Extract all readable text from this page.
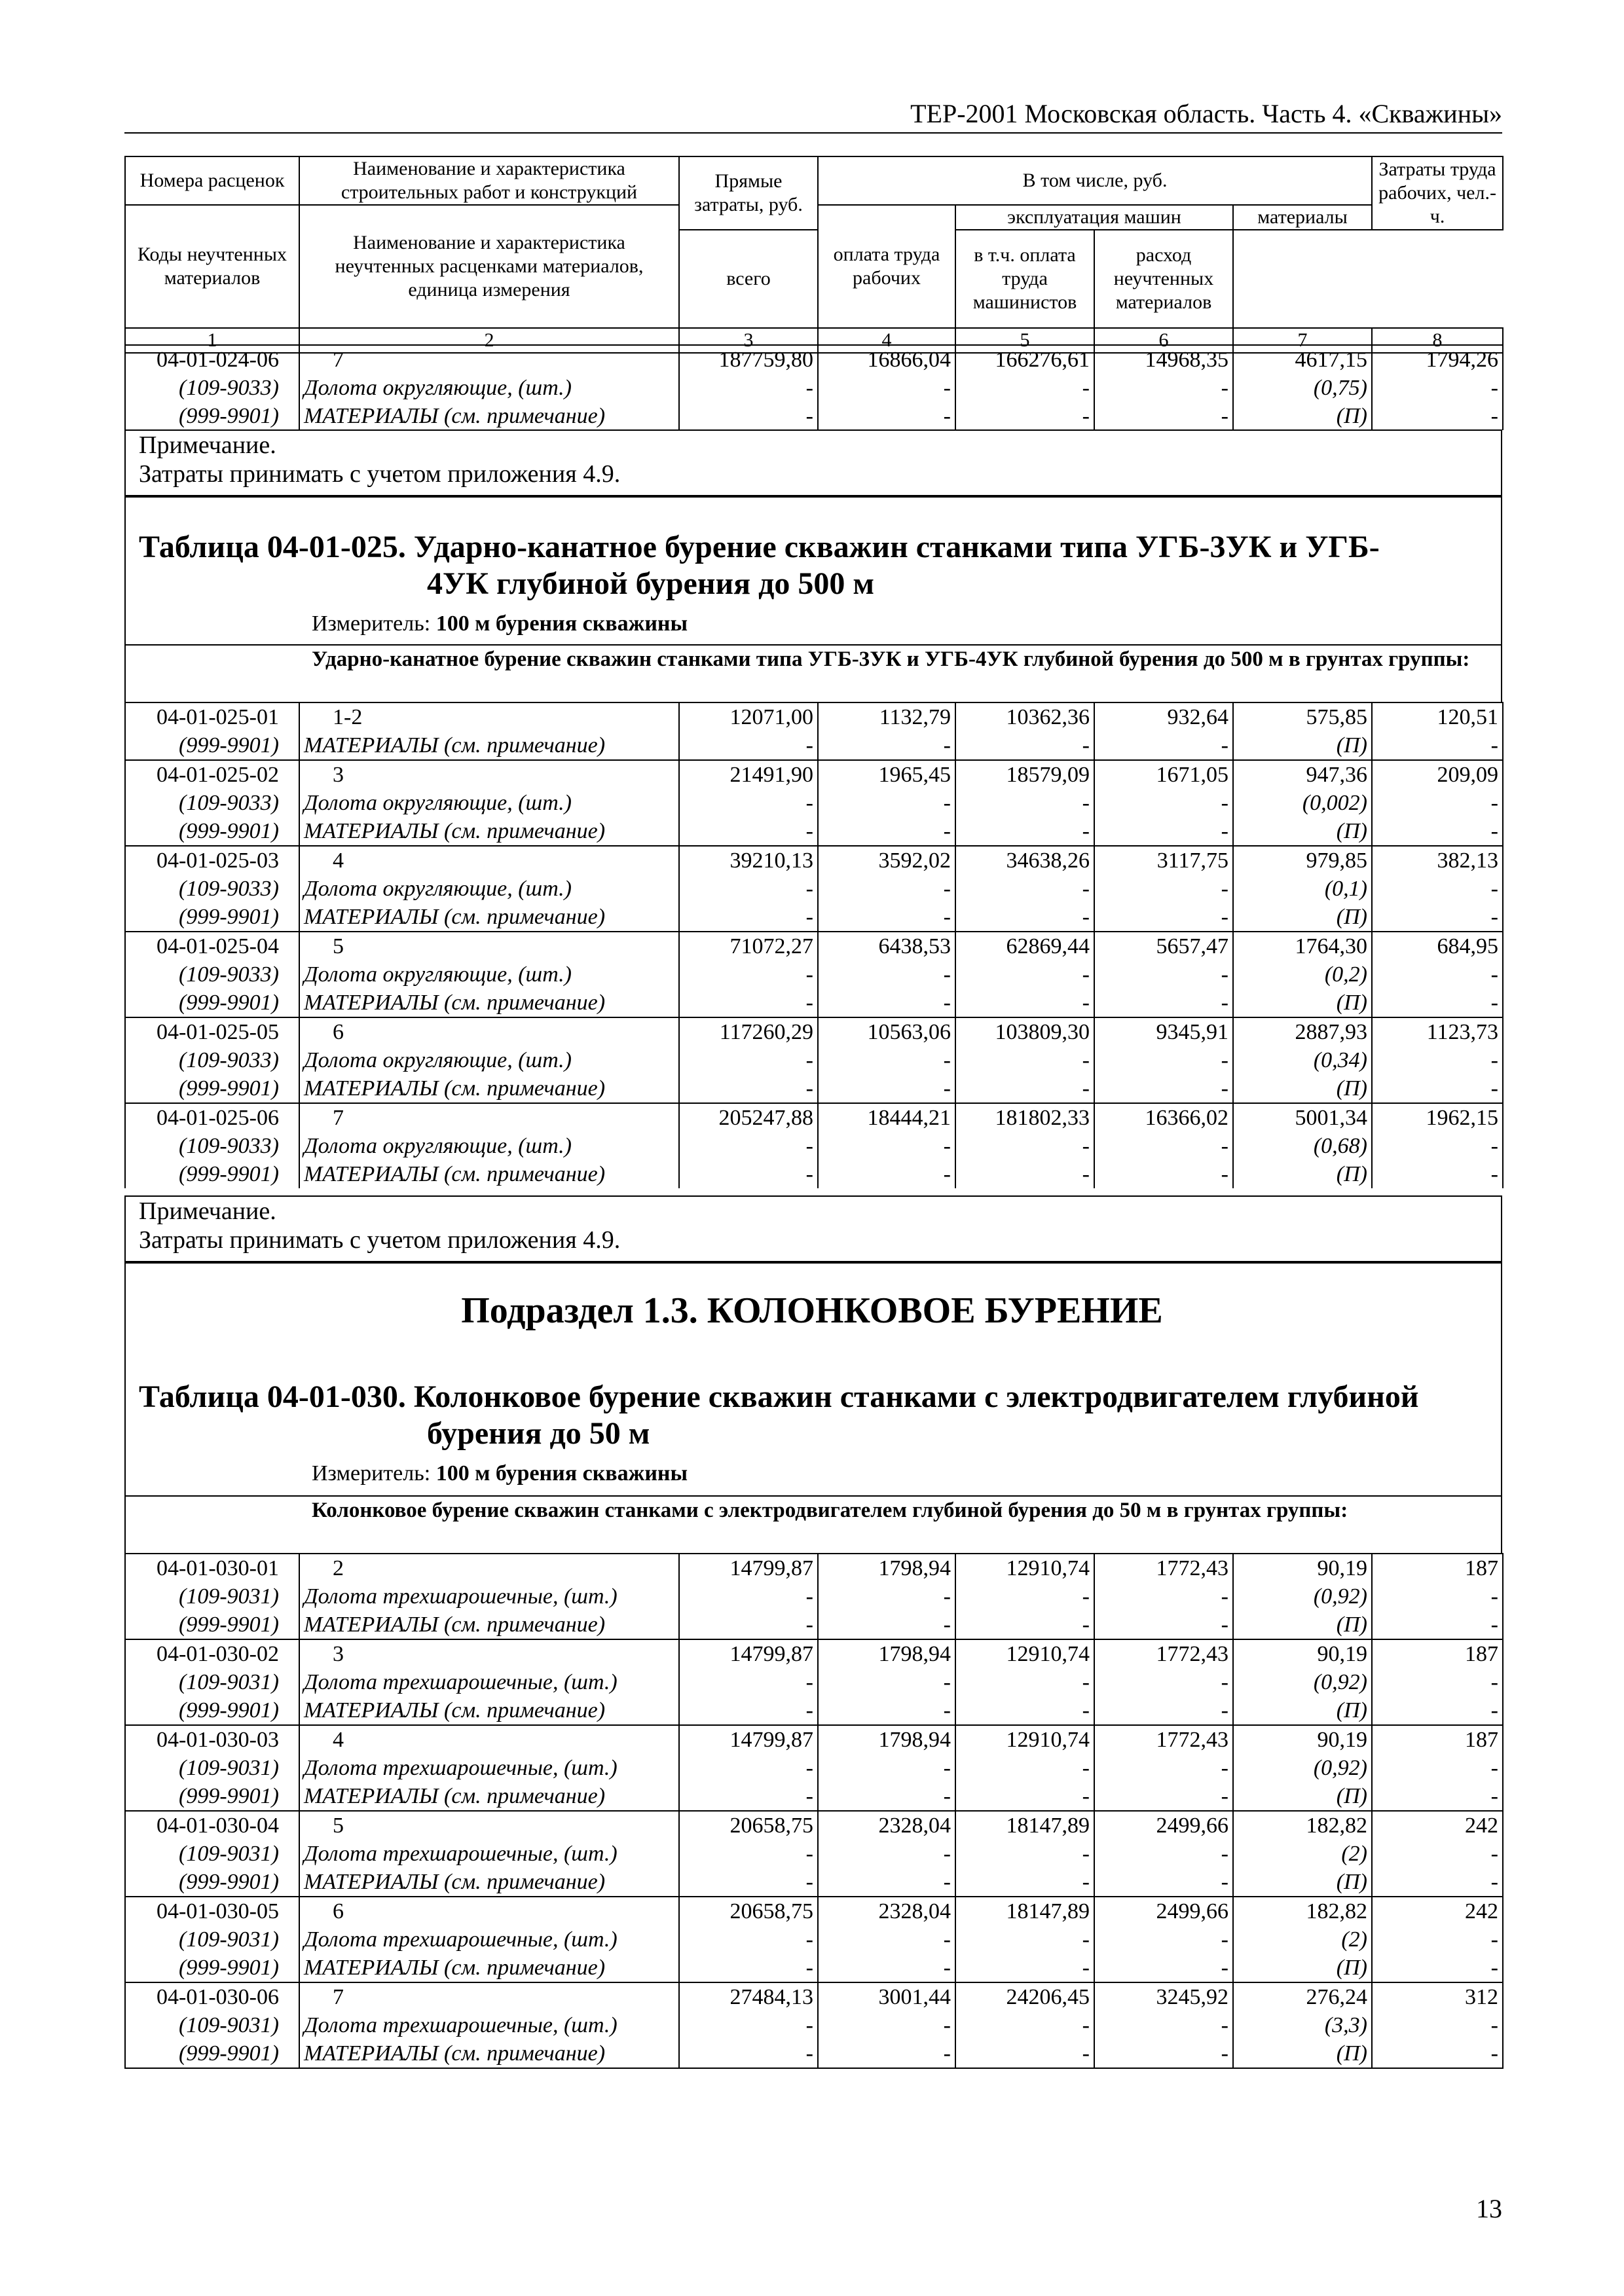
ТЕР-2001 Московская область. Часть 4. «Скважины»
Номера расценок	Наименование и характеристика строительных работ и конструкций	Прямые затраты, руб.	В том числе, руб.				Затраты труда рабочих, чел.-ч.
Коды неучтенных материалов	Наименование и характеристика неучтенных расценками материалов, единица измерения		оплата труда рабочих	эксплуатация машин		материалы	
		всего		в т.ч. оплата труда машинистов	расход неучтенных материалов		
1	2	3	4	5	6	7	8
04-01-024-06	7	187759,80	16866,04	166276,61	14968,35	4617,15	1794,26
(109-9033)	Долота округляющие, (шт.)	-	-	-	-	(0,75)	-
(999-9901)	МАТЕРИАЛЫ (см. примечание)	-	-	-	-	(П)	-
Примечание.
Затраты принимать с учетом приложения 4.9.
Таблица 04-01-025. Ударно-канатное бурение скважин станками типа УГБ-3УК и УГБ-
4УК глубиной бурения до 500 м
Измеритель: 100 м бурения скважины
Ударно-канатное бурение скважин станками типа УГБ-3УК и УГБ-4УК глубиной бурения до 500 м в грунтах группы:
04-01-025-01	1-2	12071,00	1132,79	10362,36	932,64	575,85	120,51
(999-9901)	МАТЕРИАЛЫ (см. примечание)	-	-	-	-	(П)	-
04-01-025-02	3	21491,90	1965,45	18579,09	1671,05	947,36	209,09
(109-9033)	Долота округляющие, (шт.)	-	-	-	-	(0,002)	-
(999-9901)	МАТЕРИАЛЫ (см. примечание)	-	-	-	-	(П)	-
04-01-025-03	4	39210,13	3592,02	34638,26	3117,75	979,85	382,13
(109-9033)	Долота округляющие, (шт.)	-	-	-	-	(0,1)	-
(999-9901)	МАТЕРИАЛЫ (см. примечание)	-	-	-	-	(П)	-
04-01-025-04	5	71072,27	6438,53	62869,44	5657,47	1764,30	684,95
(109-9033)	Долота округляющие, (шт.)	-	-	-	-	(0,2)	-
(999-9901)	МАТЕРИАЛЫ (см. примечание)	-	-	-	-	(П)	-
04-01-025-05	6	117260,29	10563,06	103809,30	9345,91	2887,93	1123,73
(109-9033)	Долота округляющие, (шт.)	-	-	-	-	(0,34)	-
(999-9901)	МАТЕРИАЛЫ (см. примечание)	-	-	-	-	(П)	-
04-01-025-06	7	205247,88	18444,21	181802,33	16366,02	5001,34	1962,15
(109-9033)	Долота округляющие, (шт.)	-	-	-	-	(0,68)	-
(999-9901)	МАТЕРИАЛЫ (см. примечание)	-	-	-	-	(П)	-
Примечание.
Затраты принимать с учетом приложения 4.9.
Подраздел 1.3. КОЛОНКОВОЕ БУРЕНИЕ
Таблица 04-01-030. Колонковое бурение скважин станками с электродвигателем глубиной
бурения до 50 м
Измеритель: 100 м бурения скважины
Колонковое бурение скважин станками с электродвигателем глубиной бурения до 50 м в грунтах группы:
04-01-030-01	2	14799,87	1798,94	12910,74	1772,43	90,19	187
(109-9031)	Долота трехшарошечные, (шт.)	-	-	-	-	(0,92)	-
(999-9901)	МАТЕРИАЛЫ (см. примечание)	-	-	-	-	(П)	-
04-01-030-02	3	14799,87	1798,94	12910,74	1772,43	90,19	187
(109-9031)	Долота трехшарошечные, (шт.)	-	-	-	-	(0,92)	-
(999-9901)	МАТЕРИАЛЫ (см. примечание)	-	-	-	-	(П)	-
04-01-030-03	4	14799,87	1798,94	12910,74	1772,43	90,19	187
(109-9031)	Долота трехшарошечные, (шт.)	-	-	-	-	(0,92)	-
(999-9901)	МАТЕРИАЛЫ (см. примечание)	-	-	-	-	(П)	-
04-01-030-04	5	20658,75	2328,04	18147,89	2499,66	182,82	242
(109-9031)	Долота трехшарошечные, (шт.)	-	-	-	-	(2)	-
(999-9901)	МАТЕРИАЛЫ (см. примечание)	-	-	-	-	(П)	-
04-01-030-05	6	20658,75	2328,04	18147,89	2499,66	182,82	242
(109-9031)	Долота трехшарошечные, (шт.)	-	-	-	-	(2)	-
(999-9901)	МАТЕРИАЛЫ (см. примечание)	-	-	-	-	(П)	-
04-01-030-06	7	27484,13	3001,44	24206,45	3245,92	276,24	312
(109-9031)	Долота трехшарошечные, (шт.)	-	-	-	-	(3,3)	-
(999-9901)	МАТЕРИАЛЫ (см. примечание)	-	-	-	-	(П)	-
13
